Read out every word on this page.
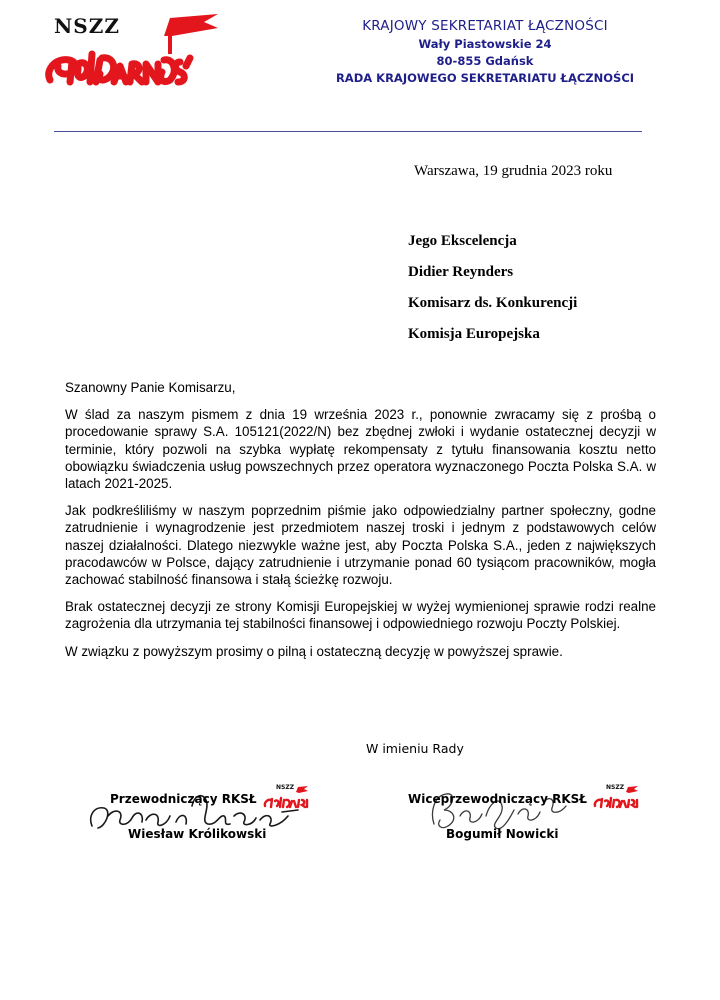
NSZZ	KRAJOWY SEKRETARIAT ŁĄCZNOŚCI
Wały Piastowskie 24
80-855 Gdańsk
RADA KRAJOWEGO SEKRETARIATU ŁĄCZNOŚCI
Warszawa, 19 grudnia 2023 roku
Jego Ekscelencja
Didier Reynders
Komisarz ds. Konkurencji
Komisja Europejska
Szanowny Panie Komisarzu,

W ślad za naszym pismem z dnia 19 września 2023 r., ponownie zwracamy się z prośbą o procedowanie sprawy S.A. 105121(2022/N) bez zbędnej zwłoki i wydanie ostatecznej decyzji w terminie, który pozwoli na szybka wypłatę rekompensaty z tytułu finansowania kosztu netto obowiązku świadczenia usług powszechnych przez operatora wyznaczonego Poczta Polska S.A. w latach 2021-2025.

Jak podkreśliliśmy w naszym poprzednim piśmie jako odpowiedzialny partner społeczny, godne zatrudnienie i wynagrodzenie jest przedmiotem naszej troski i jednym z podstawowych celów naszej działalności. Dlatego niezwykle ważne jest, aby Poczta Polska S.A., jeden z największych pracodawców w Polsce, dający zatrudnienie i utrzymanie ponad 60 tysiącom pracowników, mogła zachować stabilność finansowa i stałą ścieżkę rozwoju.

Brak ostatecznej decyzji ze strony Komisji Europejskiej w wyżej wymienionej sprawie rodzi realne zagrożenia dla utrzymania tej stabilności finansowej i odpowiedniego rozwoju Poczty Polskiej.

W związku z powyższym prosimy o pilną i ostateczną decyzję w powyższej sprawie.

W imieniu Rady
Przewodniczący RKSŁ
NSZZ
Wiesław Królikowski
Wiceprzewodniczący RKSŁ
NSZZ
Bogumił Nowicki
